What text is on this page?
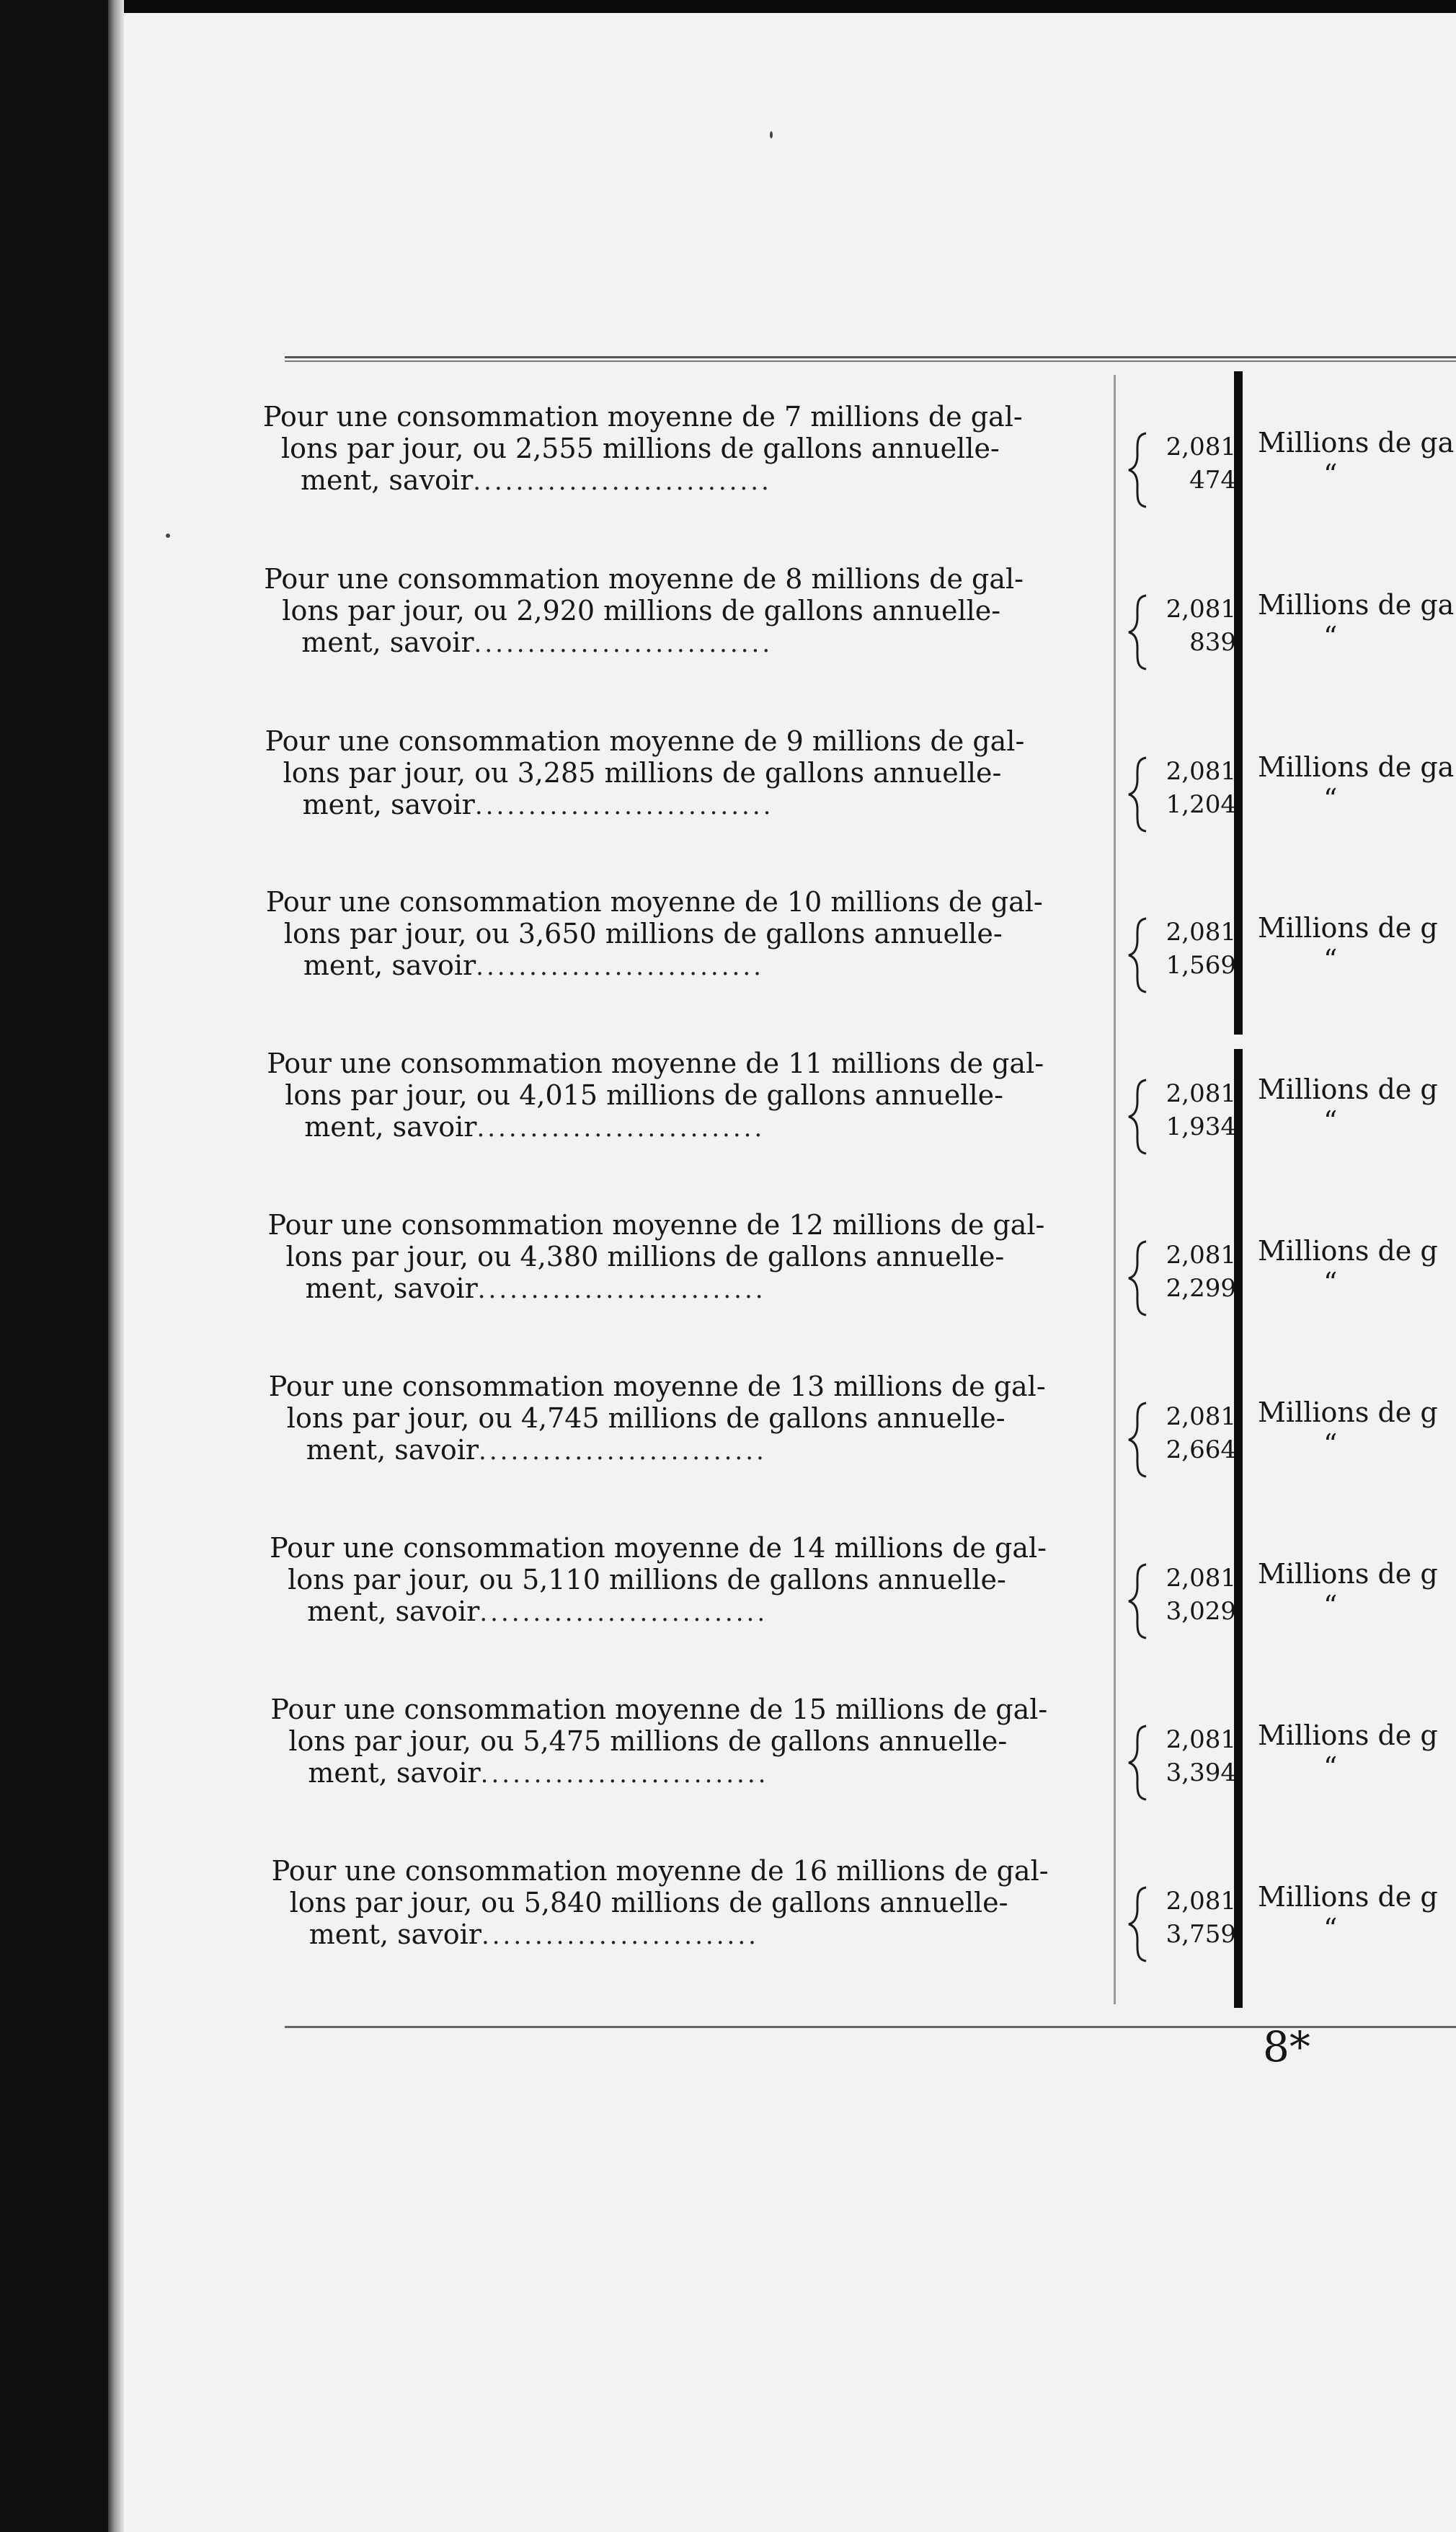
Pour une consommation moyenne de 7 millions de gal-
lons par jour, ou 2,555 millions de gallons annuelle-
ment, savoir............................
2,081
474
Millions de ga
“
Pour une consommation moyenne de 8 millions de gal-
lons par jour, ou 2,920 millions de gallons annuelle-
ment, savoir............................
2,081
839
Millions de ga
“
Pour une consommation moyenne de 9 millions de gal-
lons par jour, ou 3,285 millions de gallons annuelle-
ment, savoir............................
2,081
1,204
Millions de ga
“
Pour une consommation moyenne de 10 millions de gal-
lons par jour, ou 3,650 millions de gallons annuelle-
ment, savoir...........................
2,081
1,569
Millions de g
“
Pour une consommation moyenne de 11 millions de gal-
lons par jour, ou 4,015 millions de gallons annuelle-
ment, savoir...........................
2,081
1,934
Millions de g
“
Pour une consommation moyenne de 12 millions de gal-
lons par jour, ou 4,380 millions de gallons annuelle-
ment, savoir...........................
2,081
2,299
Millions de g
“
Pour une consommation moyenne de 13 millions de gal-
lons par jour, ou 4,745 millions de gallons annuelle-
ment, savoir...........................
2,081
2,664
Millions de g
“
Pour une consommation moyenne de 14 millions de gal-
lons par jour, ou 5,110 millions de gallons annuelle-
ment, savoir...........................
2,081
3,029
Millions de g
“
Pour une consommation moyenne de 15 millions de gal-
lons par jour, ou 5,475 millions de gallons annuelle-
ment, savoir...........................
2,081
3,394
Millions de g
“
Pour une consommation moyenne de 16 millions de gal-
lons par jour, ou 5,840 millions de gallons annuelle-
ment, savoir..........................
2,081
3,759
Millions de g
“
8*
